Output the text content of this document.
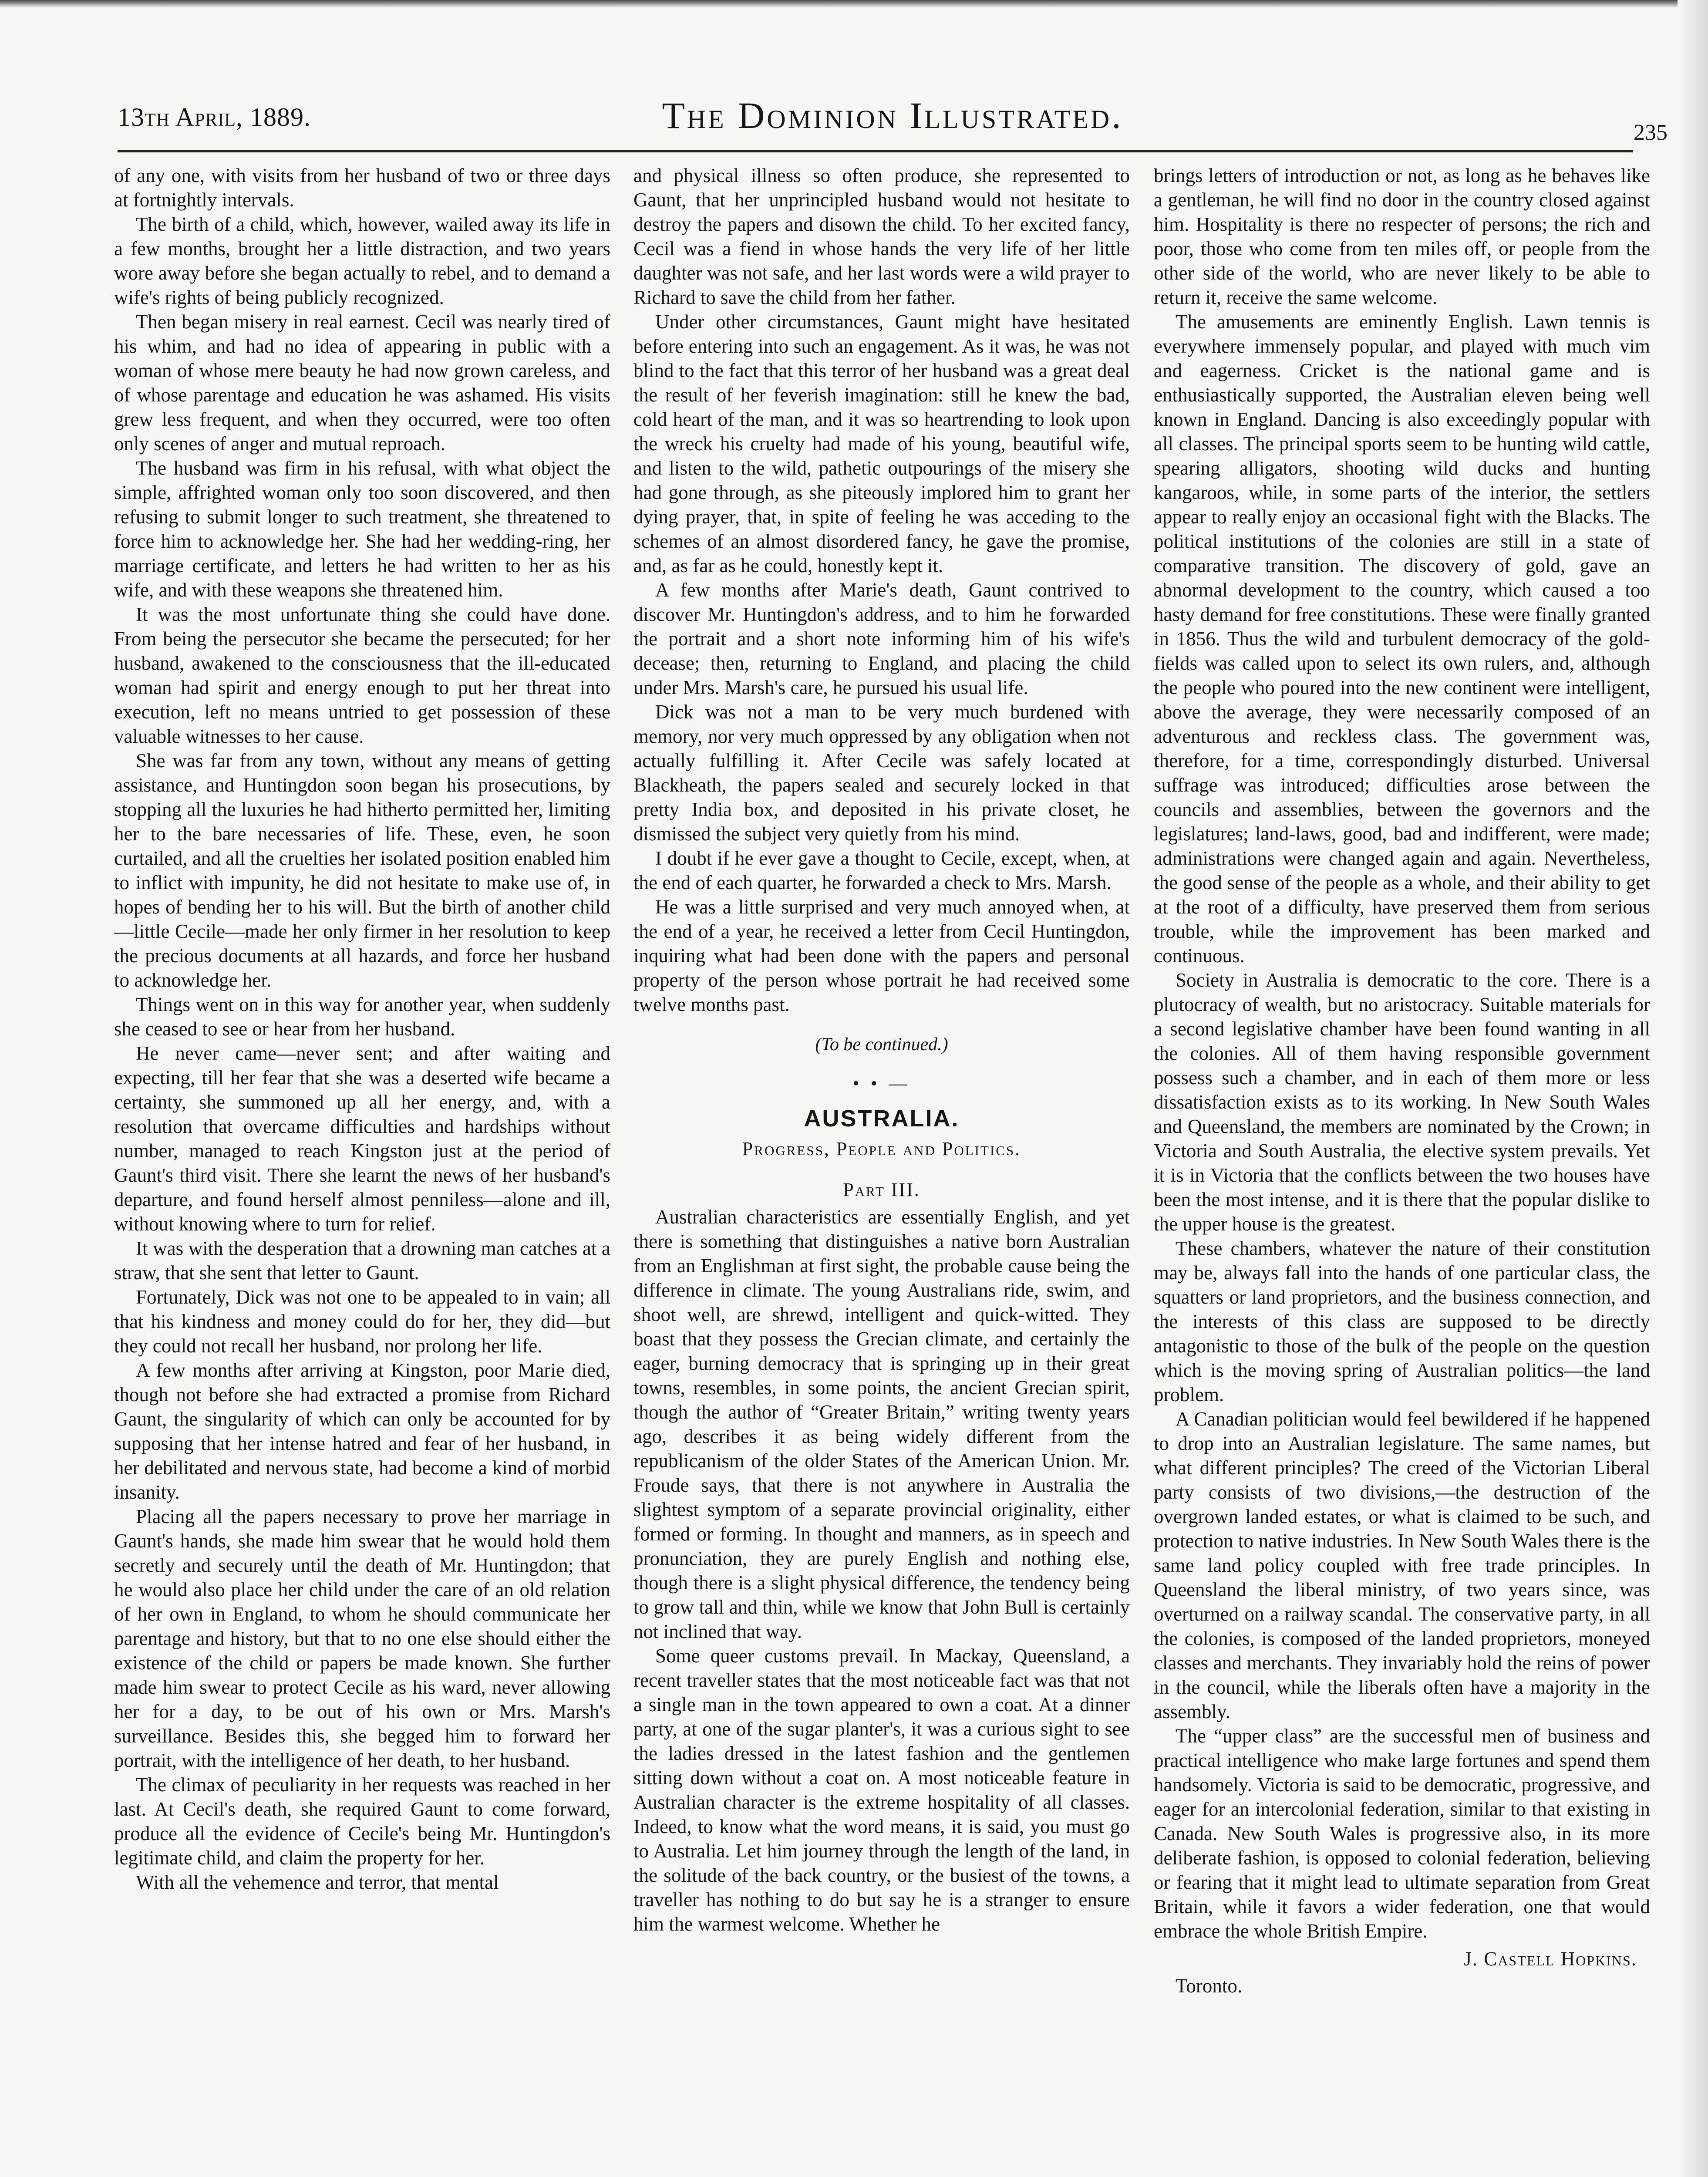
13th April, 1889.	The Dominion Illustrated.	235

of any one, with visits from her husband of two or three days at fortnightly intervals.

The birth of a child, which, however, wailed away its life in a few months, brought her a little distraction, and two years wore away before she began actually to rebel, and to demand a wife's rights of being publicly recognized.

Then began misery in real earnest. Cecil was nearly tired of his whim, and had no idea of appearing in public with a woman of whose mere beauty he had now grown careless, and of whose parentage and education he was ashamed. His visits grew less frequent, and when they occurred, were too often only scenes of anger and mutual reproach.

The husband was firm in his refusal, with what object the simple, affrighted woman only too soon discovered, and then refusing to submit longer to such treatment, she threatened to force him to acknowledge her. She had her wedding-ring, her marriage certificate, and letters he had written to her as his wife, and with these weapons she threatened him.

It was the most unfortunate thing she could have done. From being the persecutor she became the persecuted; for her husband, awakened to the consciousness that the ill-educated woman had spirit and energy enough to put her threat into execution, left no means untried to get possession of these valuable witnesses to her cause.

She was far from any town, without any means of getting assistance, and Huntingdon soon began his prosecutions, by stopping all the luxuries he had hitherto permitted her, limiting her to the bare necessaries of life. These, even, he soon curtailed, and all the cruelties her isolated position enabled him to inflict with impunity, he did not hesitate to make use of, in hopes of bending her to his will. But the birth of another child—little Cecile—made her only firmer in her resolution to keep the precious documents at all hazards, and force her husband to acknowledge her.

Things went on in this way for another year, when suddenly she ceased to see or hear from her husband.

He never came—never sent; and after waiting and expecting, till her fear that she was a deserted wife became a certainty, she summoned up all her energy, and, with a resolution that overcame difficulties and hardships without number, managed to reach Kingston just at the period of Gaunt's third visit. There she learnt the news of her husband's departure, and found herself almost penniless—alone and ill, without knowing where to turn for relief.

It was with the desperation that a drowning man catches at a straw, that she sent that letter to Gaunt.

Fortunately, Dick was not one to be appealed to in vain; all that his kindness and money could do for her, they did—but they could not recall her husband, nor prolong her life.

A few months after arriving at Kingston, poor Marie died, though not before she had extracted a promise from Richard Gaunt, the singularity of which can only be accounted for by supposing that her intense hatred and fear of her husband, in her debilitated and nervous state, had become a kind of morbid insanity.

Placing all the papers necessary to prove her marriage in Gaunt's hands, she made him swear that he would hold them secretly and securely until the death of Mr. Huntingdon; that he would also place her child under the care of an old relation of her own in England, to whom he should communicate her parentage and history, but that to no one else should either the existence of the child or papers be made known. She further made him swear to protect Cecile as his ward, never allowing her for a day, to be out of his own or Mrs. Marsh's surveillance. Besides this, she begged him to forward her portrait, with the intelligence of her death, to her husband.

The climax of peculiarity in her requests was reached in her last. At Cecil's death, she required Gaunt to come forward, produce all the evidence of Cecile's being Mr. Huntingdon's legitimate child, and claim the property for her.

With all the vehemence and terror, that mental

and physical illness so often produce, she represented to Gaunt, that her unprincipled husband would not hesitate to destroy the papers and disown the child. To her excited fancy, Cecil was a fiend in whose hands the very life of her little daughter was not safe, and her last words were a wild prayer to Richard to save the child from her father.

Under other circumstances, Gaunt might have hesitated before entering into such an engagement. As it was, he was not blind to the fact that this terror of her husband was a great deal the result of her feverish imagination: still he knew the bad, cold heart of the man, and it was so heartrending to look upon the wreck his cruelty had made of his young, beautiful wife, and listen to the wild, pathetic outpourings of the misery she had gone through, as she piteously implored him to grant her dying prayer, that, in spite of feeling he was acceding to the schemes of an almost disordered fancy, he gave the promise, and, as far as he could, honestly kept it.

A few months after Marie's death, Gaunt contrived to discover Mr. Huntingdon's address, and to him he forwarded the portrait and a short note informing him of his wife's decease; then, returning to England, and placing the child under Mrs. Marsh's care, he pursued his usual life.

Dick was not a man to be very much burdened with memory, nor very much oppressed by any obligation when not actually fulfilling it. After Cecile was safely located at Blackheath, the papers sealed and securely locked in that pretty India box, and deposited in his private closet, he dismissed the subject very quietly from his mind.

I doubt if he ever gave a thought to Cecile, except, when, at the end of each quarter, he forwarded a check to Mrs. Marsh.

He was a little surprised and very much annoyed when, at the end of a year, he received a letter from Cecil Huntingdon, inquiring what had been done with the papers and personal property of the person whose portrait he had received some twelve months past.

(To be continued.)
• • —
AUSTRALIA.
Progress, People and Politics.
Part III.

Australian characteristics are essentially English, and yet there is something that distinguishes a native born Australian from an Englishman at first sight, the probable cause being the difference in climate. The young Australians ride, swim, and shoot well, are shrewd, intelligent and quick-witted. They boast that they possess the Grecian climate, and certainly the eager, burning democracy that is springing up in their great towns, resembles, in some points, the ancient Grecian spirit, though the author of “Greater Britain,” writing twenty years ago, describes it as being widely different from the republicanism of the older States of the American Union. Mr. Froude says, that there is not anywhere in Australia the slightest symptom of a separate provincial originality, either formed or forming. In thought and manners, as in speech and pronunciation, they are purely English and nothing else, though there is a slight physical difference, the tendency being to grow tall and thin, while we know that John Bull is certainly not inclined that way.

Some queer customs prevail. In Mackay, Queensland, a recent traveller states that the most noticeable fact was that not a single man in the town appeared to own a coat. At a dinner party, at one of the sugar planter's, it was a curious sight to see the ladies dressed in the latest fashion and the gentlemen sitting down without a coat on. A most noticeable feature in Australian character is the extreme hospitality of all classes. Indeed, to know what the word means, it is said, you must go to Australia. Let him journey through the length of the land, in the solitude of the back country, or the busiest of the towns, a traveller has nothing to do but say he is a stranger to ensure him the warmest welcome. Whether he

brings letters of introduction or not, as long as he behaves like a gentleman, he will find no door in the country closed against him. Hospitality is there no respecter of persons; the rich and poor, those who come from ten miles off, or people from the other side of the world, who are never likely to be able to return it, receive the same welcome.

The amusements are eminently English. Lawn tennis is everywhere immensely popular, and played with much vim and eagerness. Cricket is the national game and is enthusiastically supported, the Australian eleven being well known in England. Dancing is also exceedingly popular with all classes. The principal sports seem to be hunting wild cattle, spearing alligators, shooting wild ducks and hunting kangaroos, while, in some parts of the interior, the settlers appear to really enjoy an occasional fight with the Blacks. The political institutions of the colonies are still in a state of comparative transition. The discovery of gold, gave an abnormal development to the country, which caused a too hasty demand for free constitutions. These were finally granted in 1856. Thus the wild and turbulent democracy of the gold-fields was called upon to select its own rulers, and, although the people who poured into the new continent were intelligent, above the average, they were necessarily composed of an adventurous and reckless class. The government was, therefore, for a time, correspondingly disturbed. Universal suffrage was introduced; difficulties arose between the councils and assemblies, between the governors and the legislatures; land-laws, good, bad and indifferent, were made; administrations were changed again and again. Nevertheless, the good sense of the people as a whole, and their ability to get at the root of a difficulty, have preserved them from serious trouble, while the improvement has been marked and continuous.

Society in Australia is democratic to the core. There is a plutocracy of wealth, but no aristocracy. Suitable materials for a second legislative chamber have been found wanting in all the colonies. All of them having responsible government possess such a chamber, and in each of them more or less dissatisfaction exists as to its working. In New South Wales and Queensland, the members are nominated by the Crown; in Victoria and South Australia, the elective system prevails. Yet it is in Victoria that the conflicts between the two houses have been the most intense, and it is there that the popular dislike to the upper house is the greatest.

These chambers, whatever the nature of their constitution may be, always fall into the hands of one particular class, the squatters or land proprietors, and the business connection, and the interests of this class are supposed to be directly antagonistic to those of the bulk of the people on the question which is the moving spring of Australian politics—the land problem.

A Canadian politician would feel bewildered if he happened to drop into an Australian legislature. The same names, but what different principles? The creed of the Victorian Liberal party consists of two divisions,—the destruction of the overgrown landed estates, or what is claimed to be such, and protection to native industries. In New South Wales there is the same land policy coupled with free trade principles. In Queensland the liberal ministry, of two years since, was overturned on a railway scandal. The conservative party, in all the colonies, is composed of the landed proprietors, moneyed classes and merchants. They invariably hold the reins of power in the council, while the liberals often have a majority in the assembly.

The “upper class” are the successful men of business and practical intelligence who make large fortunes and spend them handsomely. Victoria is said to be democratic, progressive, and eager for an intercolonial federation, similar to that existing in Canada. New South Wales is progressive also, in its more deliberate fashion, is opposed to colonial federation, believing or fearing that it might lead to ultimate separation from Great Britain, while it favors a wider federation, one that would embrace the whole British Empire.

J. Castell Hopkins.
Toronto.
